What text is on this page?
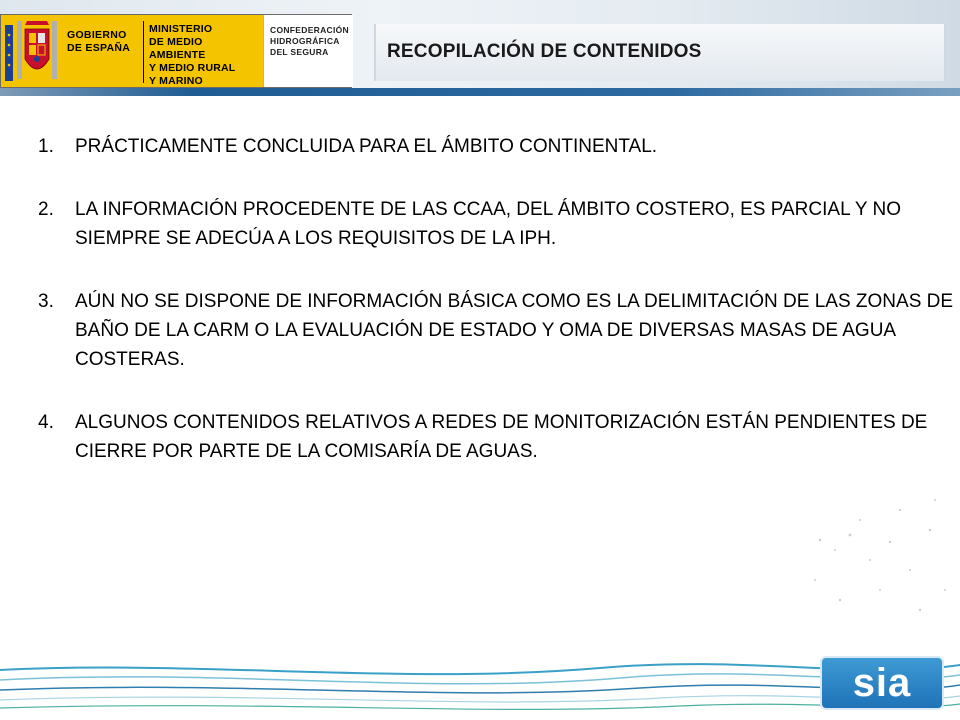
GOBIERNO
DE ESPAÑA
MINISTERIO
DE MEDIO AMBIENTE
Y MEDIO RURAL
Y MARINO
CONFEDERACIÓN
HIDROGRÁFICA
DEL SEGURA	RECOPILACIÓN DE CONTENIDOS
1. PRÁCTICAMENTE CONCLUIDA PARA EL ÁMBITO CONTINENTAL.
2. LA INFORMACIÓN PROCEDENTE DE LAS CCAA, DEL ÁMBITO COSTERO, ES PARCIAL Y NO SIEMPRE SE ADECÚA A LOS REQUISITOS DE LA IPH.
3. AÚN NO SE DISPONE DE INFORMACIÓN BÁSICA COMO ES LA DELIMITACIÓN DE LAS ZONAS DE BAÑO DE LA CARM O LA EVALUACIÓN DE ESTADO Y OMA DE DIVERSAS MASAS DE AGUA COSTERAS.
4. ALGUNOS CONTENIDOS RELATIVOS A REDES DE MONITORIZACIÓN ESTÁN PENDIENTES DE CIERRE POR PARTE DE LA COMISARÍA DE AGUAS.
sia
